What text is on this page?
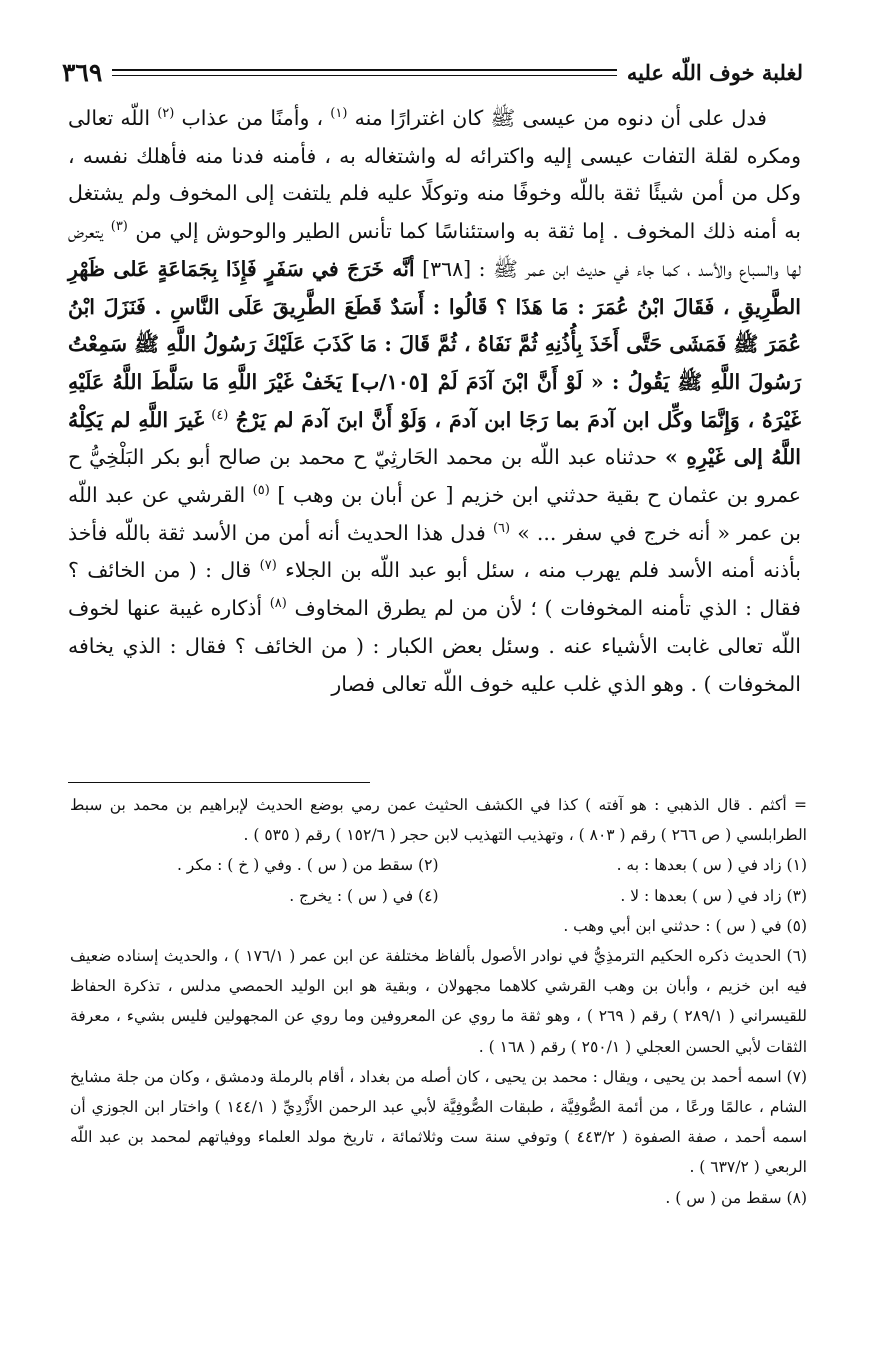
لغلبة خوف اللّه عليه
٣٦٩

فدل على أن دنوه من عيسى ﷺ كان اغترارًا منه $^{(١)}$ ، وأمنًا من عذاب $^{(٢)}$ اللّه تعالى ومكره لقلة التفات عيسى إليه واكترائه له واشتغاله به ، فأمنه فدنا منه فأهلك نفسه ، وكل من أمن شيئًا ثقة باللّه وخوفًا منه وتوكلًا عليه فلم يلتفت إلى المخوف ولم يشتغل به أمنه ذلك المخوف . إما ثقة به واستئناسًا كما تأنس الطير والوحوش إلي من $^{(٣)}$ يتعرض لها والسباع والأسد ، كما جاء في حديث ابن عمر ﷺ : [٣٦٨] أنَّه خَرَجَ في سَفَرٍ فَإِذَا بِجَمَاعَةٍ عَلى ظَهْرِ الطَّرِيقِ ، فَقَالَ ابْنُ عُمَرَ : مَا هَذَا ؟ قَالُوا : أَسَدٌ قَطَعَ الطَّرِيقَ عَلَى النَّاسِ . فَنَزَلَ ابْنُ عُمَرَ ﷺ فَمَشَى حَتَّى أَخَذَ بِأُذُنِهِ ثُمَّ نَفَاهُ ، ثُمَّ قَالَ : مَا كَذَبَ عَلَيْكَ رَسُولُ اللَّهِ ﷺ سَمِعْتُ رَسُولَ اللَّهِ ﷺ يَقُولُ : « لَوْ أَنَّ ابْنَ آدَمَ لَمْ [١٠٥/ب] يَخَفْ غَيْرَ اللَّهِ مَا سَلَّطَ اللَّهُ عَلَيْهِ غَيْرَهُ ، وَإِنَّمَا وكِّل ابن آدمَ بما رَجَا ابن آدمَ ، وَلَوْ أَنَّ ابنَ آدمَ لم يَرْجُ $^{(٤)}$ غَيرَ اللَّهِ لم يَكِلْهُ اللَّهُ إلى غَيْرِهِ » حدثناه عبد اللّه بن محمد الحَارثِيّ ح محمد بن صالح أبو بكر البَلْخِيُّ ح عمرو بن عثمان ح بقية حدثني ابن خزيم [ عن أبان بن وهب ] $^{(٥)}$ القرشي عن عبد اللّه بن عمر « أنه خرج في سفر ... » $^{(٦)}$ فدل هذا الحديث أنه أمن من الأسد ثقة باللّه فأخذ بأذنه أمنه الأسد فلم يهرب منه ، سئل أبو عبد اللّه بن الجلاء $^{(٧)}$ قال : ( من الخائف ؟ فقال : الذي تأمنه المخوفات ) ؛ لأن من لم يطرق المخاوف $^{(٨)}$ أذكاره غيبة عنها لخوف اللّه تعالى غابت الأشياء عنه . وسئل بعض الكبار : ( من الخائف ؟ فقال : الذي يخافه المخوفات ) . وهو الذي غلب عليه خوف اللّه تعالى فصار

= أكثم . قال الذهبي : هو آفته ) كذا في الكشف الحثيث عمن رمي بوضع الحديث لإبراهيم بن محمد بن سبط الطرابلسي ( ص ٢٦٦ ) رقم ( ٨٠٣ ) ، وتهذيب التهذيب لابن حجر ( ١٥٢/٦ ) رقم ( ٥٣٥ ) .

(١) زاد في ( س ) بعدها : به .
(٢) سقط من ( س ) . وفي ( خ ) : مكر .
(٣) زاد في ( س ) بعدها : لا .
(٤) في ( س ) : يخرج .

(٥) في ( س ) : حدثني ابن أبي وهب .

(٦) الحديث ذكره الحكيم الترمذِيُّ في نوادر الأصول بألفاظ مختلفة عن ابن عمر ( ١٧٦/١ ) ، والحديث إسناده ضعيف فيه ابن خزيم ، وأبان بن وهب القرشي كلاهما مجهولان ، وبقية هو ابن الوليد الحمصي مدلس ، تذكرة الحفاظ للقيسراني ( ٢٨٩/١ ) رقم ( ٢٦٩ ) ، وهو ثقة ما روي عن المعروفين وما روي عن المجهولين فليس بشيء ، معرفة الثقات لأبي الحسن العجلي ( ٢٥٠/١ ) رقم ( ١٦٨ ) .

(٧) اسمه أحمد بن يحيى ، ويقال : محمد بن يحيى ، كان أصله من بغداد ، أقام بالرملة ودمشق ، وكان من جلة مشايخ الشام ، عالمًا ورعًا ، من أئمة الصُّوفِيَّة ، طبقات الصُّوفِيَّة لأبي عبد الرحمن الأَزْدِيِّ ( ١٤٤/١ ) واختار ابن الجوزي أن اسمه أحمد ، صفة الصفوة ( ٤٤٣/٢ ) وتوفي سنة ست وثلاثمائة ، تاريخ مولد العلماء ووفياتهم لمحمد بن عبد اللّه الربعي ( ٦٣٧/٢ ) .

(٨) سقط من ( س ) .
